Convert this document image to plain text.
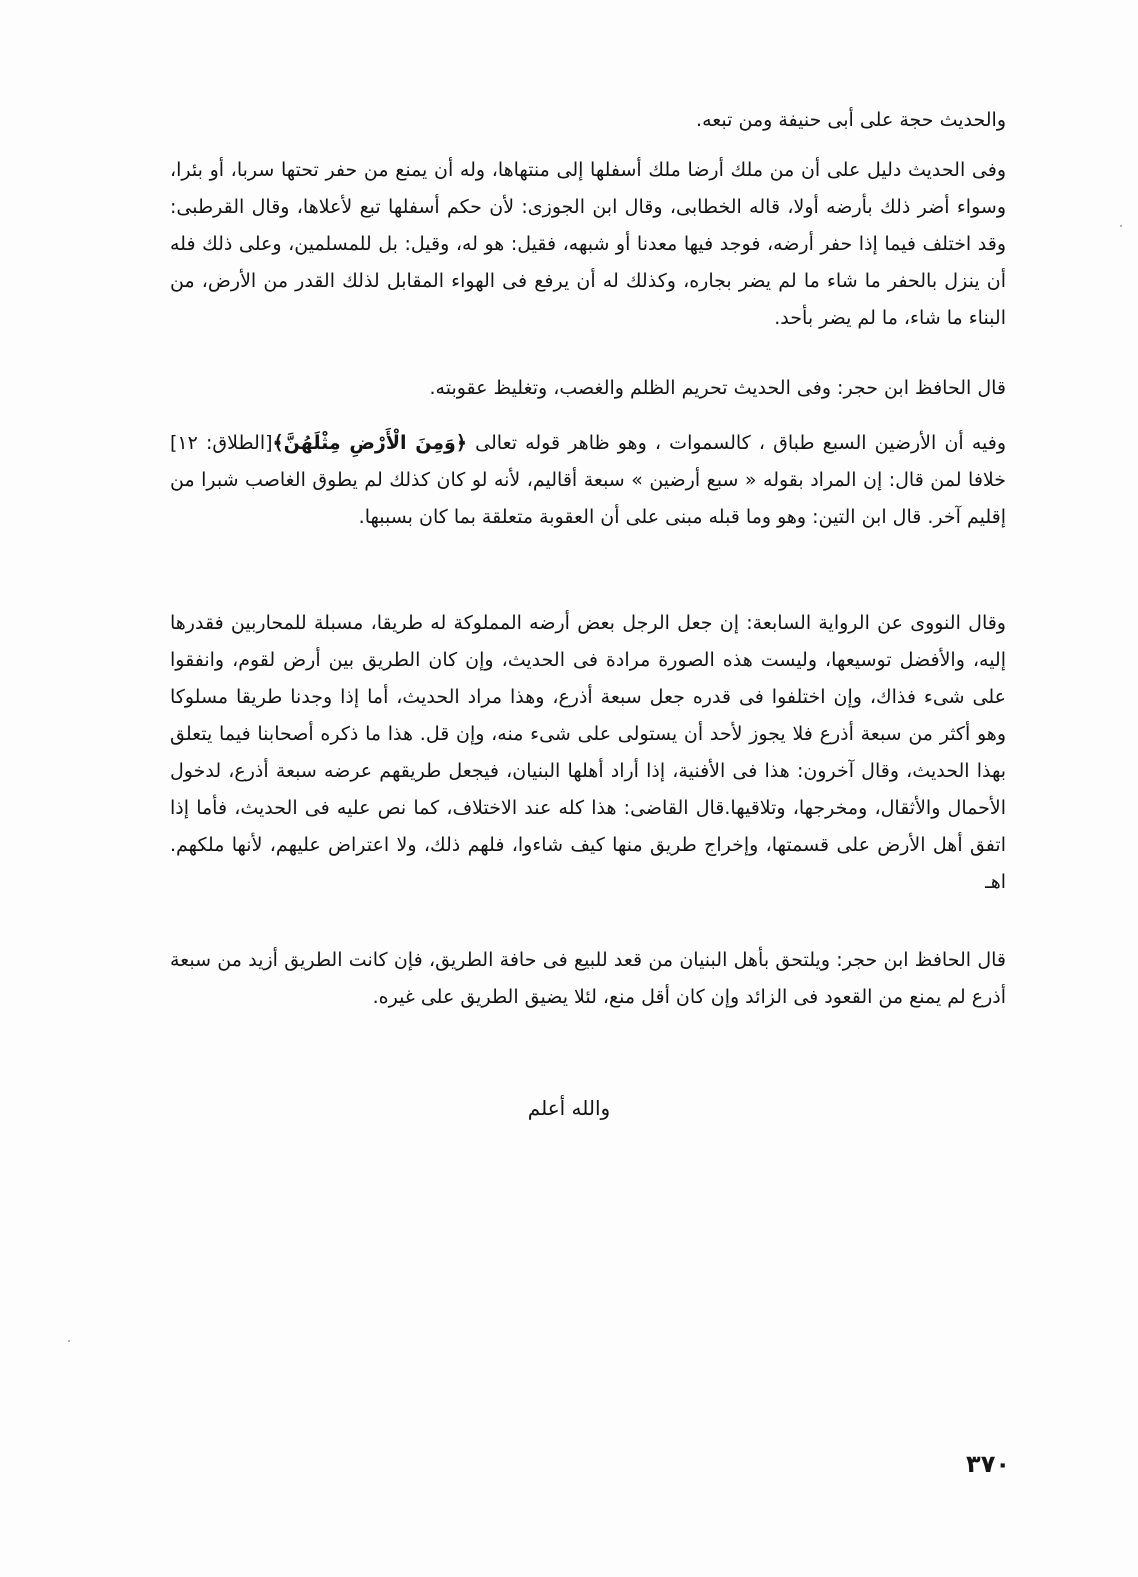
والحديث حجة على أبى حنيفة ومن تبعه.

وفى الحديث دليل على أن من ملك أرضا ملك أسفلها إلى منتهاها، وله أن يمنع من حفر تحتها سربا، أو بئرا، وسواء أضر ذلك بأرضه أولا، قاله الخطابى، وقال ابن الجوزى: لأن حكم أسفلها تبع لأعلاها، وقال القرطبى: وقد اختلف فيما إذا حفر أرضه، فوجد فيها معدنا أو شبهه، فقيل: هو له، وقيل: بل للمسلمين، وعلى ذلك فله أن ينزل بالحفر ما شاء ما لم يضر بجاره، وكذلك له أن يرفع فى الهواء المقابل لذلك القدر من الأرض، من البناء ما شاء، ما لم يضر بأحد.

قال الحافظ ابن حجر: وفى الحديث تحريم الظلم والغصب، وتغليظ عقوبته.

وفيه أن الأرضين السبع طباق ، كالسموات ، وهو ظاهر قوله تعالى ﴿وَمِنَ الْأَرْضِ مِثْلَهُنَّ﴾[الطلاق: ١٢] خلافا لمن قال: إن المراد بقوله « سبع أرضين » سبعة أقاليم، لأنه لو كان كذلك لم يطوق الغاصب شبرا من إقليم آخر. قال ابن التين: وهو وما قبله مبنى على أن العقوبة متعلقة بما كان بسببها.

وقال النووى عن الرواية السابعة: إن جعل الرجل بعض أرضه المملوكة له طريقا، مسبلة للمحاربين فقدرها إليه، والأفضل توسيعها، وليست هذه الصورة مرادة فى الحديث، وإن كان الطريق بين أرض لقوم، وانفقوا على شىء فذاك، وإن اختلفوا فى قدره جعل سبعة أذرع، وهذا مراد الحديث، أما إذا وجدنا طريقا مسلوكا وهو أكثر من سبعة أذرع فلا يجوز لأحد أن يستولى على شىء منه، وإن قل. هذا ما ذكره أصحابنا فيما يتعلق بهذا الحديث، وقال آخرون: هذا فى الأفنية، إذا أراد أهلها البنيان، فيجعل طريقهم عرضه سبعة أذرع، لدخول الأحمال والأثقال، ومخرجها، وتلاقيها.قال القاضى: هذا كله عند الاختلاف، كما نص عليه فى الحديث، فأما إذا اتفق أهل الأرض على قسمتها، وإخراج طريق منها كيف شاءوا، فلهم ذلك، ولا اعتراض عليهم، لأنها ملكهم. اهـ

قال الحافظ ابن حجر: ويلتحق بأهل البنيان من قعد للبيع فى حافة الطريق، فإن كانت الطريق أزيد من سبعة أذرع لم يمنع من القعود فى الزائد وإن كان أقل منع، لئلا يضيق الطريق على غيره.

والله أعلم

٣٧٠
